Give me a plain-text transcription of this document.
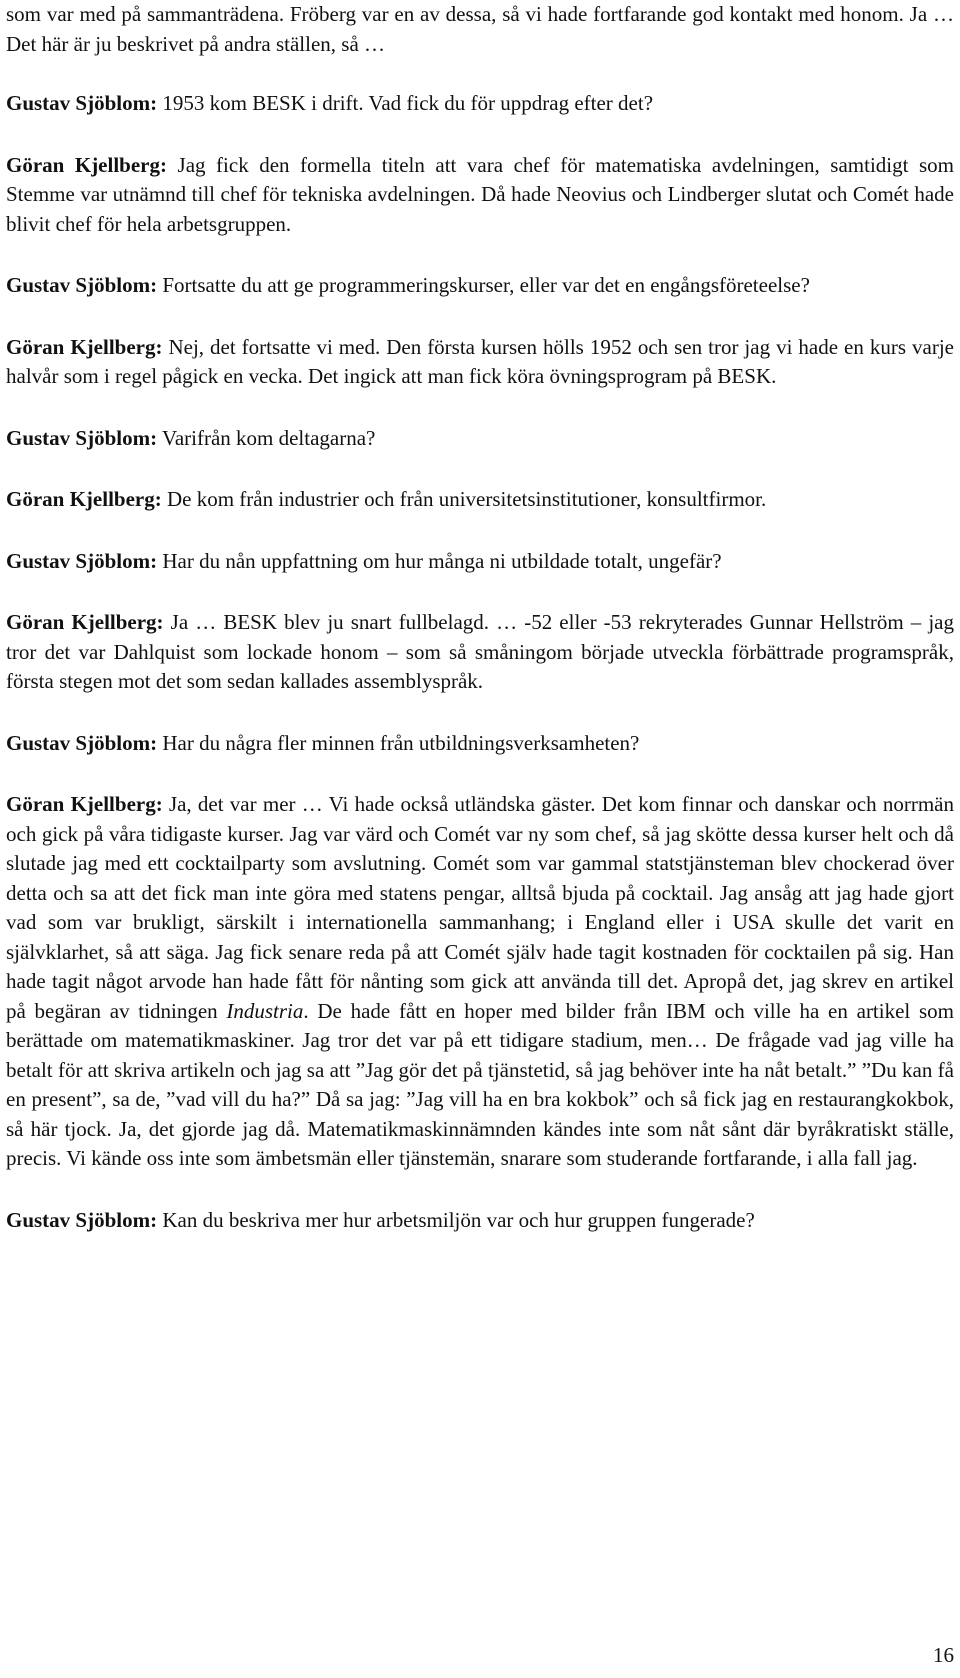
som var med på sammanträdena. Fröberg var en av dessa, så vi hade fortfarande god kontakt med honom. Ja … Det här är ju beskrivet på andra ställen, så …

Gustav Sjöblom: 1953 kom BESK i drift. Vad fick du för uppdrag efter det?

Göran Kjellberg: Jag fick den formella titeln att vara chef för matematiska avdelningen, samtidigt som Stemme var utnämnd till chef för tekniska avdelningen. Då hade Neovius och Lindberger slutat och Comét hade blivit chef för hela arbetsgruppen.

Gustav Sjöblom: Fortsatte du att ge programmeringskurser, eller var det en engångsföreteelse?

Göran Kjellberg: Nej, det fortsatte vi med. Den första kursen hölls 1952 och sen tror jag vi hade en kurs varje halvår som i regel pågick en vecka. Det ingick att man fick köra övningsprogram på BESK.

Gustav Sjöblom: Varifrån kom deltagarna?

Göran Kjellberg: De kom från industrier och från universitetsinstitutioner, konsultfirmor.

Gustav Sjöblom: Har du nån uppfattning om hur många ni utbildade totalt, ungefär?

Göran Kjellberg: Ja … BESK blev ju snart fullbelagd. … -52 eller -53 rekryterades Gunnar Hellström – jag tror det var Dahlquist som lockade honom – som så småningom började utveckla förbättrade programspråk, första stegen mot det som sedan kallades assemblyspråk.

Gustav Sjöblom: Har du några fler minnen från utbildningsverksamheten?

Göran Kjellberg: Ja, det var mer … Vi hade också utländska gäster. Det kom finnar och danskar och norrmän och gick på våra tidigaste kurser. Jag var värd och Comét var ny som chef, så jag skötte dessa kurser helt och då slutade jag med ett cocktailparty som avslutning. Comét som var gammal statstjänsteman blev chockerad över detta och sa att det fick man inte göra med statens pengar, alltså bjuda på cocktail. Jag ansåg att jag hade gjort vad som var brukligt, särskilt i internationella sammanhang; i England eller i USA skulle det varit en självklarhet, så att säga. Jag fick senare reda på att Comét själv hade tagit kostnaden för cocktailen på sig. Han hade tagit något arvode han hade fått för nånting som gick att använda till det. Apropå det, jag skrev en artikel på begäran av tidningen Industria. De hade fått en hoper med bilder från IBM och ville ha en artikel som berättade om matematikmaskiner. Jag tror det var på ett tidigare stadium, men… De frågade vad jag ville ha betalt för att skriva artikeln och jag sa att ”Jag gör det på tjänstetid, så jag behöver inte ha nåt betalt.” ”Du kan få en present”, sa de, ”vad vill du ha?” Då sa jag: ”Jag vill ha en bra kokbok” och så fick jag en restaurangkokbok, så här tjock. Ja, det gjorde jag då. Matematikmaskinnämnden kändes inte som nåt sånt där byråkratiskt ställe, precis. Vi kände oss inte som ämbetsmän eller tjänstemän, snarare som studerande fortfarande, i alla fall jag.

Gustav Sjöblom: Kan du beskriva mer hur arbetsmiljön var och hur gruppen fungerade?

16
